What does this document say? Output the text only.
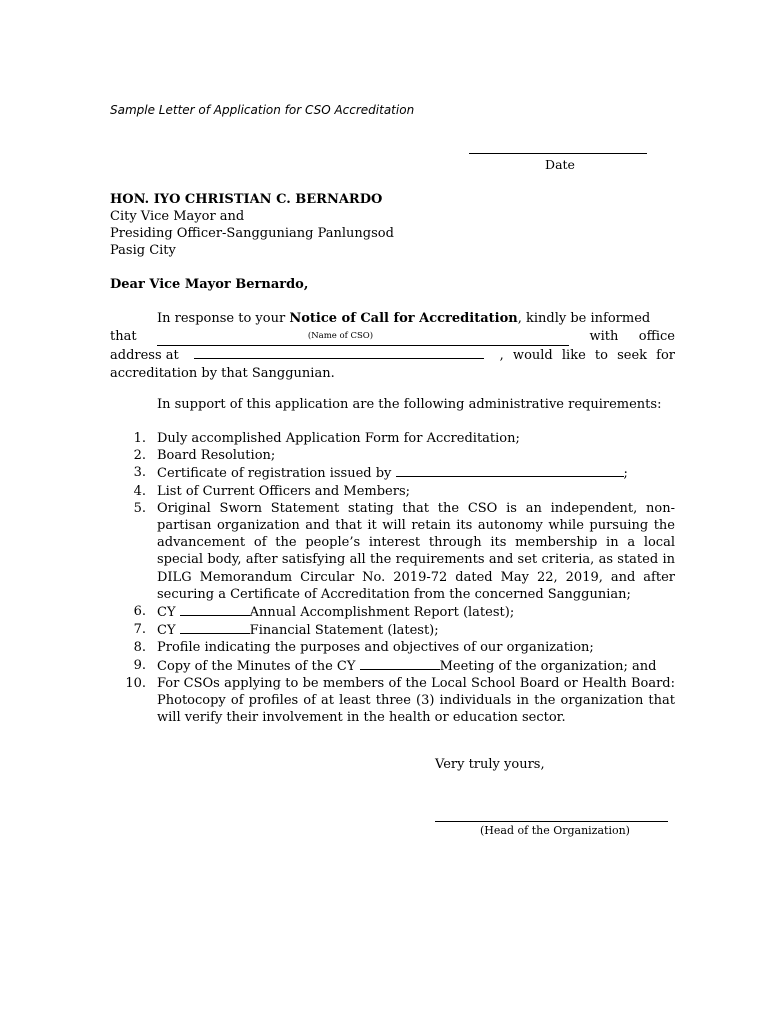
Sample Letter of Application for CSO Accreditation
Date
HON. IYO CHRISTIAN C. BERNARDO
City Vice Mayor and
Presiding Officer-Sangguniang Panlungsod
Pasig City
Dear Vice Mayor Bernardo,
In response to your
Notice of Call for Accreditation , kindly be informed
that	(Name of CSO)	with office
address at	, would like to seek for
accreditation by that Sanggunian.
In support of this application are the following administrative requirements:
1. Duly accomplished Application Form for Accreditation;
2. Board Resolution;
3. Certificate of registration issued by	;
4. List of Current Officers and Members;
5. Original Sworn Statement stating that the CSO is an independent, non-partisan organization and that it will retain its autonomy while pursuing the advancement of the people’s interest through its membership in a local special body, after satisfying all the requirements and set criteria, as stated in DILG Memorandum Circular No. 2019-72 dated May 22, 2019, and after securing a Certificate of Accreditation from the concerned Sanggunian;
6. CY	Annual Accomplishment Report (latest);
7. CY	Financial Statement (latest);
8. Profile indicating the purposes and objectives of our organization;
9. Copy of the Minutes of the CY	Meeting of the organization; and
10. For CSOs applying to be members of the Local School Board or Health Board: Photocopy of profiles of at least three (3) individuals in the organization that will verify their involvement in the health or education sector.
Very truly yours,
(Head of the Organization)
